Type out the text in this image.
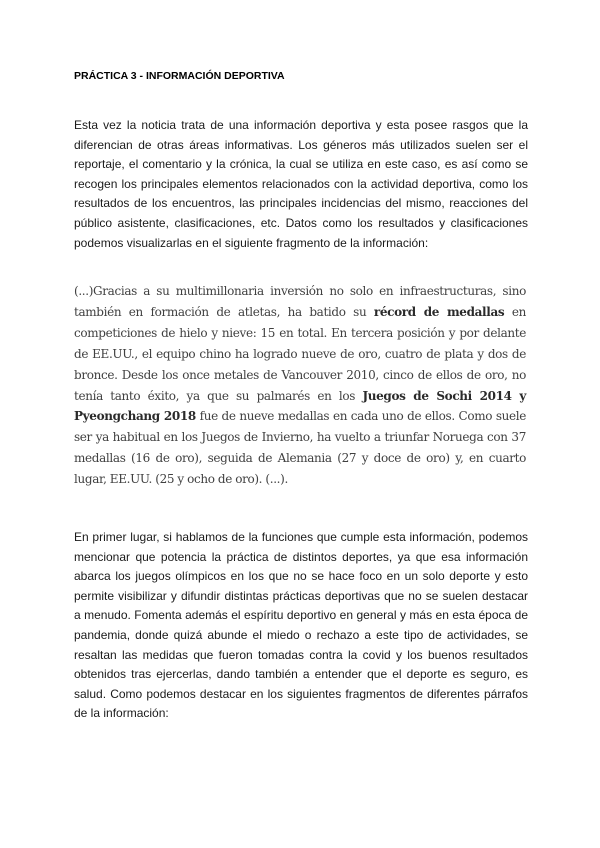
PRÁCTICA 3 - INFORMACIÓN DEPORTIVA

Esta vez la noticia trata de una información deportiva y esta posee rasgos que la diferencian de otras áreas informativas. Los géneros más utilizados suelen ser el reportaje, el comentario y la crónica, la cual se utiliza en este caso, es así como se recogen los principales elementos relacionados con la actividad deportiva, como los resultados de los encuentros, las principales incidencias del mismo, reacciones del público asistente, clasificaciones, etc. Datos como los resultados y clasificaciones podemos visualizarlas en el siguiente fragmento de la información:

(...)Gracias a su multimillonaria inversión no solo en infraestructuras, sino también en formación de atletas, ha batido su récord de medallas en competiciones de hielo y nieve: 15 en total. En tercera posición y por delante de EE.UU., el equipo chino ha logrado nueve de oro, cuatro de plata y dos de bronce. Desde los once metales de Vancouver 2010, cinco de ellos de oro, no tenía tanto éxito, ya que su palmarés en los Juegos de Sochi 2014 y Pyeongchang 2018 fue de nueve medallas en cada uno de ellos. Como suele ser ya habitual en los Juegos de Invierno, ha vuelto a triunfar Noruega con 37 medallas (16 de oro), seguida de Alemania (27 y doce de oro) y, en cuarto lugar, EE.UU. (25 y ocho de oro). (...).

En primer lugar, si hablamos de la funciones que cumple esta información, podemos mencionar que potencia la práctica de distintos deportes, ya que esa información abarca los juegos olímpicos en los que no se hace foco en un solo deporte y esto permite visibilizar y difundir distintas prácticas deportivas que no se suelen destacar a menudo. Fomenta además el espíritu deportivo en general y más en esta época de pandemia, donde quizá abunde el miedo o rechazo a este tipo de actividades, se resaltan las medidas que fueron tomadas contra la covid y los buenos resultados obtenidos tras ejercerlas, dando también a entender que el deporte es seguro, es salud. Como podemos destacar en los siguientes fragmentos de diferentes párrafos de la información:
